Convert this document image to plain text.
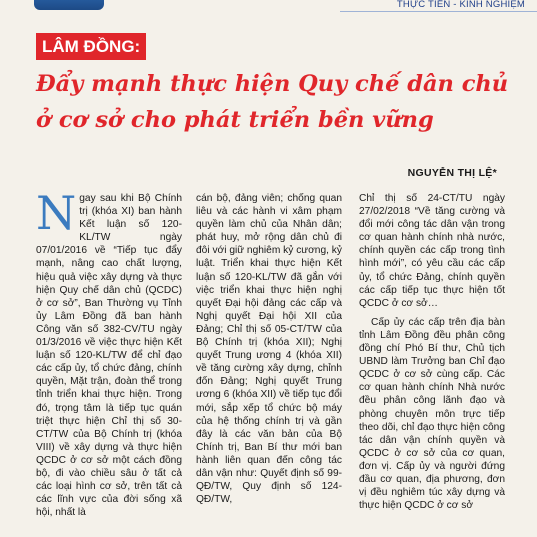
THỰC TIỄN - KINH NGHIỆM
LÂM ĐỒNG:
Đẩy mạnh thực hiện Quy chế dân chủ
ở cơ sở cho phát triển bền vững
NGUYỄN THỊ LỆ*

Ngay sau khi Bộ Chính trị (khóa XI) ban hành Kết luận số 120-KL/TW ngày 07/01/2016 về “Tiếp tục đẩy mạnh, nâng cao chất lượng, hiệu quả việc xây dựng và thực hiện Quy chế dân chủ (QCDC) ở cơ sở”, Ban Thường vụ Tỉnh ủy Lâm Đồng đã ban hành Công văn số 382-CV/TU ngày 01/3/2016 về việc thực hiện Kết luận số 120-KL/TW để chỉ đạo các cấp ủy, tổ chức đảng, chính quyền, Mặt trận, đoàn thể trong tỉnh triển khai thực hiện. Trong đó, trọng tâm là tiếp tục quán triệt thực hiện Chỉ thị số 30-CT/TW của Bộ Chính trị (khóa VIII) về xây dựng và thực hiện QCDC ở cơ sở một cách đồng bộ, đi vào chiều sâu ở tất cả các loại hình cơ sở, trên tất cả các lĩnh vực của đời sống xã hội, nhất là

cán bộ, đảng viên; chống quan liêu và các hành vi xâm phạm quyền làm chủ của Nhân dân; phát huy, mở rộng dân chủ đi đôi với giữ nghiêm kỷ cương, kỷ luật. Triển khai thực hiện Kết luận số 120-KL/TW đã gắn với việc triển khai thực hiện nghị quyết Đại hội đảng các cấp và Nghị quyết Đại hội XII của Đảng; Chỉ thị số 05-CT/TW của Bộ Chính trị (khóa XII); Nghị quyết Trung ương 4 (khóa XII) về tăng cường xây dựng, chỉnh đốn Đảng; Nghị quyết Trung ương 6 (khóa XII) về tiếp tục đổi mới, sắp xếp tổ chức bộ máy của hệ thống chính trị và gần đây là các văn bản của Bộ Chính trị, Ban Bí thư mới ban hành liên quan đến công tác dân vận như: Quyết định số 99-QĐ/TW, Quy định số 124-QĐ/TW,

Chỉ thị số 24-CT/TU ngày 27/02/2018 “Về tăng cường và đổi mới công tác dân vận trong cơ quan hành chính nhà nước, chính quyền các cấp trong tình hình mới”, có yêu cầu các cấp ủy, tổ chức Đảng, chính quyền các cấp tiếp tục thực hiện tốt QCDC ở cơ sở…

Cấp ủy các cấp trên địa bàn tỉnh Lâm Đồng đều phân công đồng chí Phó Bí thư, Chủ tịch UBND làm Trưởng ban Chỉ đạo QCDC ở cơ sở cùng cấp. Các cơ quan hành chính Nhà nước đều phân công lãnh đạo và phòng chuyên môn trực tiếp theo dõi, chỉ đạo thực hiện công tác dân vận chính quyền và QCDC ở cơ sở của cơ quan, đơn vị. Cấp ủy và người đứng đầu cơ quan, địa phương, đơn vị đều nghiêm túc xây dựng và thực hiện QCDC ở cơ sở
